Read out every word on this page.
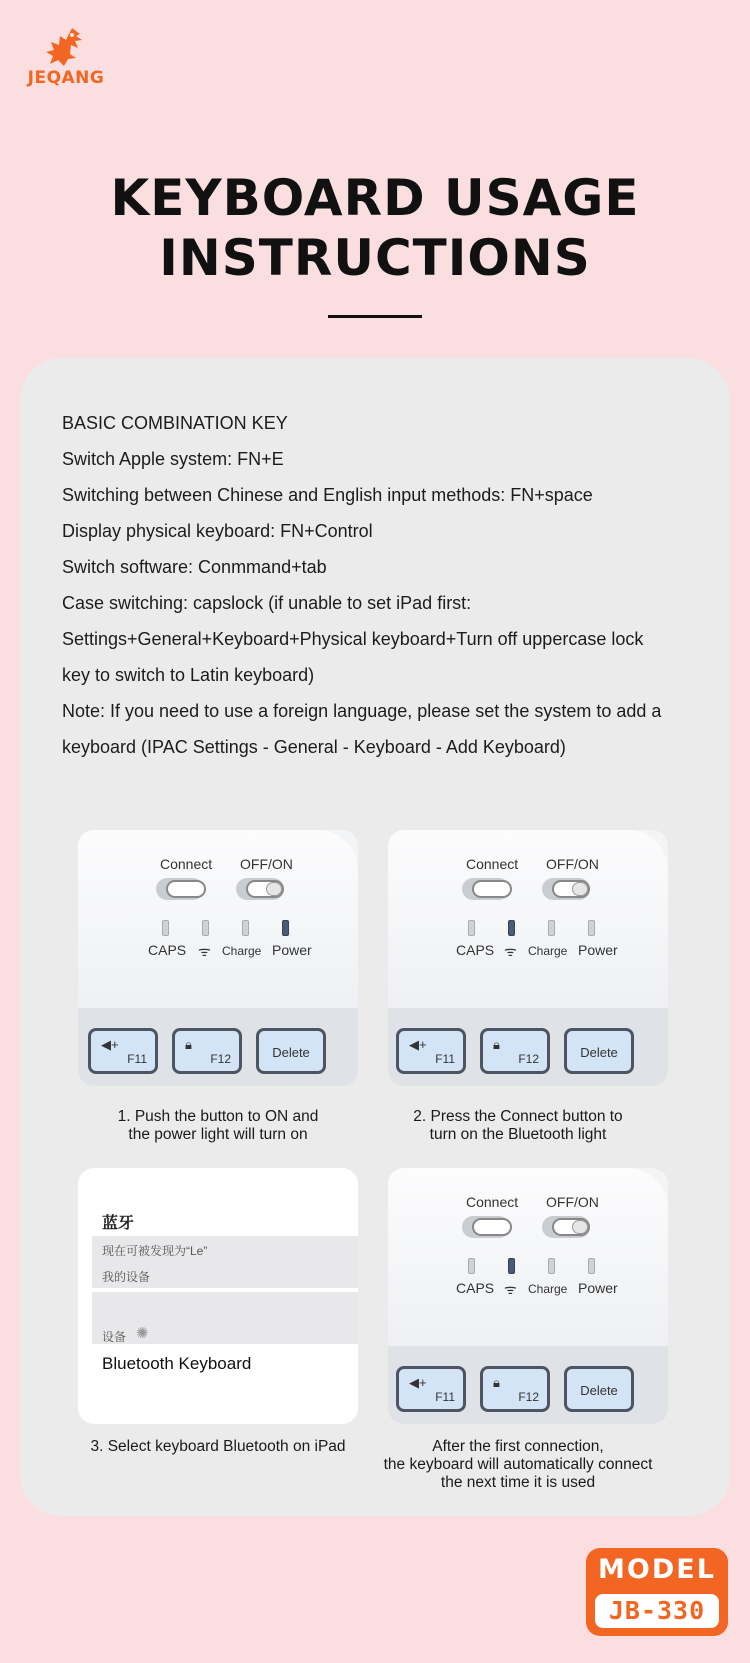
JEQANG
KEYBOARD USAGE
INSTRUCTIONS

BASIC COMBINATION KEY

Switch Apple system: FN+E

Switching between Chinese and English input methods: FN+space

Display physical keyboard: FN+Control

Switch software: Conmmand+tab

Case switching: capslock (if unable to set iPad first:

Settings+General+Keyboard+Physical keyboard+Turn off uppercase lock

key to switch to Latin keyboard)

Note: If you need to use a foreign language, please set the system to add a

keyboard (IPAC Settings - General - Keyboard - Add Keyboard)

Connect OFF/ON
CAPS ᯤ Charge Power
◀+
F11
🔒︎
F12	Delete
Connect OFF/ON
CAPS ᯤ Charge Power
◀+
F11
🔒︎
F12	Delete
1. Push the button to ON and
the power light will turn on
2. Press the Connect button to
turn on the Bluetooth light
蓝牙
现在可被发现为“Le”
我的设备
设备 ✺
Bluetooth Keyboard
Connect OFF/ON
CAPS ᯤ Charge Power
◀+
F11
🔒︎
F12	Delete
3. Select keyboard Bluetooth on iPad	After the first connection,
the keyboard will automatically connect
the next time it is used
MODEL
JB-330
